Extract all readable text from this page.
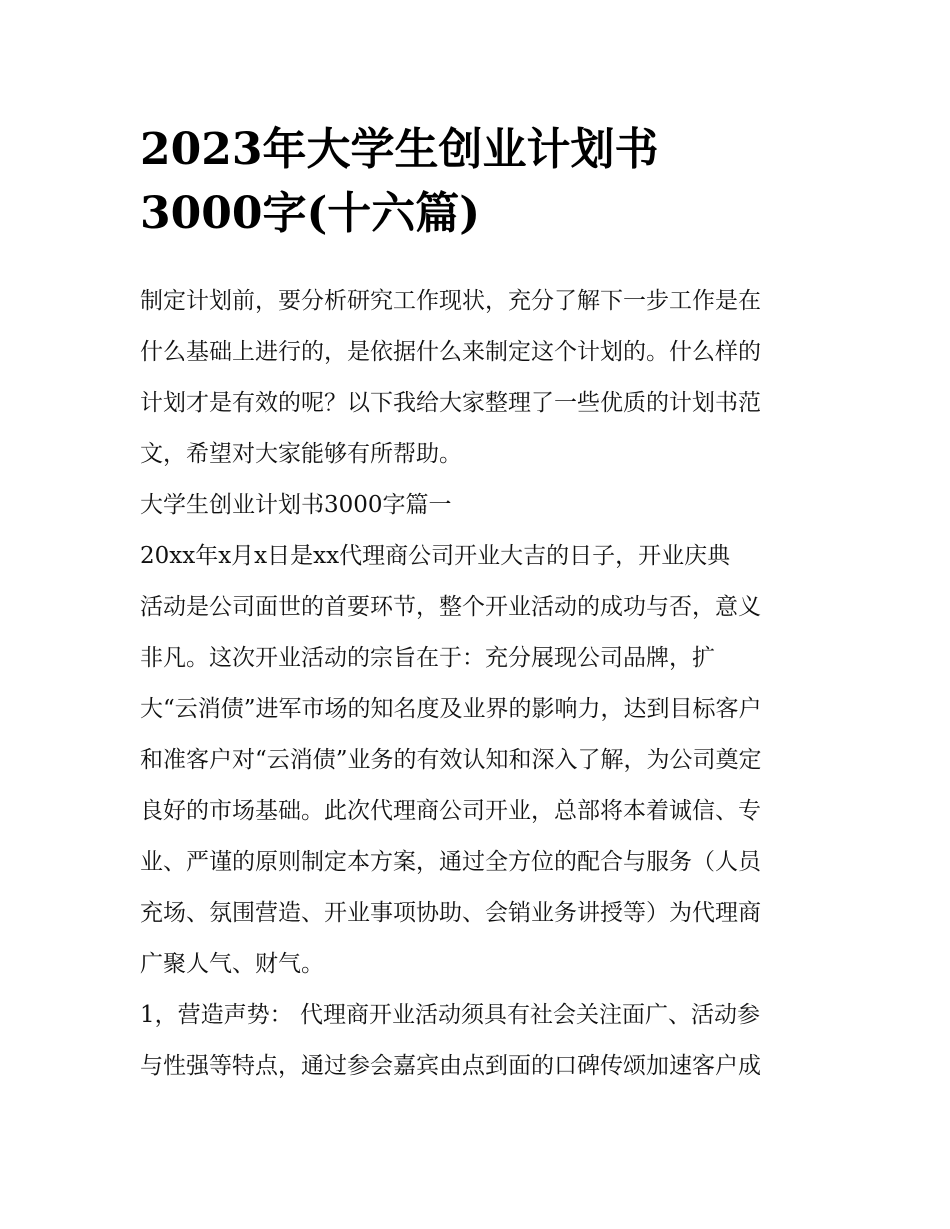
2023年大学生创业计划书
3000字(十六篇)
制定计划前，要分析研究工作现状，充分了解下一步工作是在
什么基础上进行的，是依据什么来制定这个计划的。什么样的
计划才是有效的呢？以下我给大家整理了一些优质的计划书范
文，希望对大家能够有所帮助。
大学生创业计划书3000字篇一
20xx年x月x日是xx代理商公司开业大吉的日子，开业庆典
活动是公司面世的首要环节，整个开业活动的成功与否，意义
非凡。这次开业活动的宗旨在于：充分展现公司品牌，扩
大“云消债”进军市场的知名度及业界的影响力，达到目标客户
和准客户对“云消债”业务的有效认知和深入了解，为公司奠定
良好的市场基础。此次代理商公司开业，总部将本着诚信、专
业、严谨的原则制定本方案，通过全方位的配合与服务（人员
充场、氛围营造、开业事项协助、会销业务讲授等）为代理商
广聚人气、财气。
1，营造声势： 代理商开业活动须具有社会关注面广、活动参
与性强等特点，通过参会嘉宾由点到面的口碑传颂加速客户成
